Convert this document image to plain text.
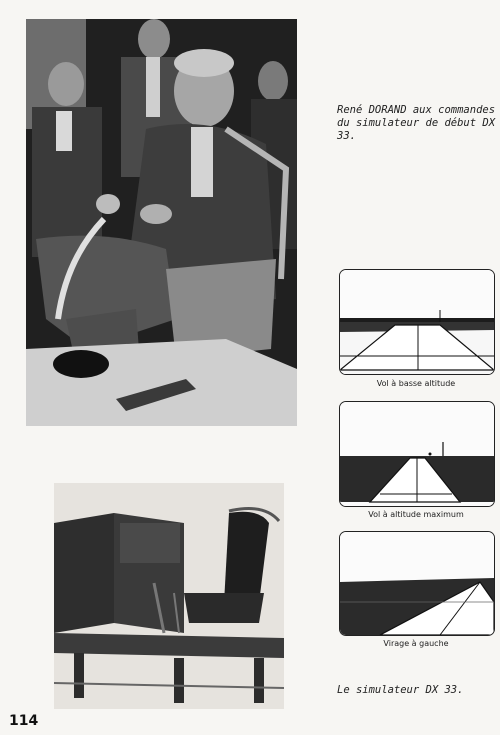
René DORAND aux commandes du simulateur de début DX 33.
Vol à basse altitude
Vol à altitude maximum
Virage à gauche
Le simulateur DX 33.
114
